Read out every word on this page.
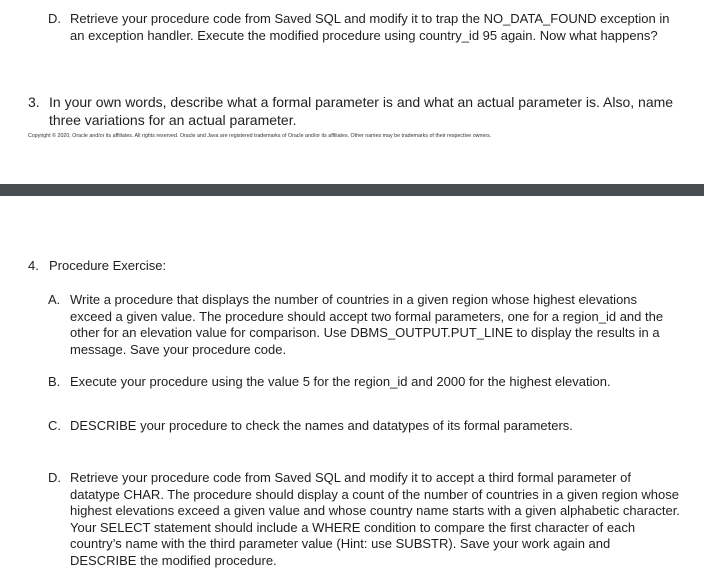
D. Retrieve your procedure code from Saved SQL and modify it to trap the NO_DATA_FOUND exception in an exception handler. Execute the modified procedure using country_id 95 again. Now what happens?
3. In your own words, describe what a formal parameter is and what an actual parameter is. Also, name three variations for an actual parameter.
Copyright © 2020, Oracle and/or its affiliates. All rights reserved. Oracle and Java are registered trademarks of Oracle and/or its affiliates. Other names may be trademarks of their respective owners.
4. Procedure Exercise:
A. Write a procedure that displays the number of countries in a given region whose highest elevations exceed a given value. The procedure should accept two formal parameters, one for a region_id and the other for an elevation value for comparison. Use DBMS_OUTPUT.PUT_LINE to display the results in a message. Save your procedure code.
B. Execute your procedure using the value 5 for the region_id and 2000 for the highest elevation.
C. DESCRIBE your procedure to check the names and datatypes of its formal parameters.
D. Retrieve your procedure code from Saved SQL and modify it to accept a third formal parameter of datatype CHAR. The procedure should display a count of the number of countries in a given region whose highest elevations exceed a given value and whose country name starts with a given alphabetic character. Your SELECT statement should include a WHERE condition to compare the first character of each country’s name with the third parameter value (Hint: use SUBSTR). Save your work again and DESCRIBE the modified procedure.
